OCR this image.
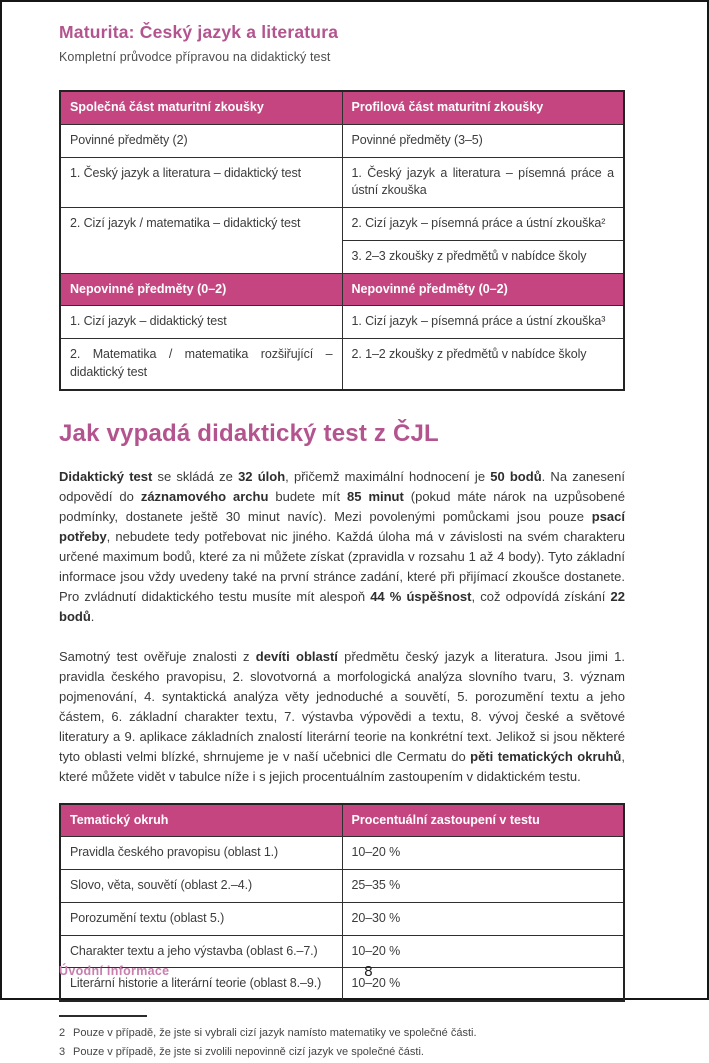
Maturita: Český jazyk a literatura

Kompletní průvodce přípravou na didaktický test

Společná část maturitní zkoušky	Profilová část maturitní zkoušky
Povinné předměty (2)	Povinné předměty (3–5)
1. Český jazyk a literatura – didaktický test	1. Český jazyk a literatura – písemná práce a ústní zkouška
2. Cizí jazyk / matematika – didaktický test	2. Cizí jazyk – písemná práce a ústní zkouška²
	3. 2–3 zkoušky z předmětů v nabídce školy
Nepovinné předměty (0–2)	Nepovinné předměty (0–2)
1. Cizí jazyk – didaktický test	1. Cizí jazyk – písemná práce a ústní zkouška³
2. Matematika / matematika rozšiřující – didaktický test	2. 1–2 zkoušky z předmětů v nabídce školy
Jak vypadá didaktický test z ČJL

Didaktický test se skládá ze 32 úloh, přičemž maximální hodnocení je 50 bodů. Na zanesení odpovědí do záznamového archu budete mít 85 minut (pokud máte nárok na uzpůsobené podmínky, dostanete ještě 30 minut navíc). Mezi povolenými pomůckami jsou pouze psací potřeby, nebudete tedy potřebovat nic jiného. Každá úloha má v závislosti na svém charakteru určené maximum bodů, které za ni můžete získat (zpravidla v rozsahu 1 až 4 body). Tyto základní informace jsou vždy uvedeny také na první stránce zadání, které při přijímací zkoušce dostanete. Pro zvládnutí didaktického testu musíte mít alespoň 44 % úspěšnost, což odpovídá získání 22 bodů.

Samotný test ověřuje znalosti z devíti oblastí předmětu český jazyk a literatura. Jsou jimi 1. pravidla českého pravopisu, 2. slovotvorná a morfologická analýza slovního tvaru, 3. význam pojmenování, 4. syntaktická analýza věty jednoduché a souvětí, 5. porozumění textu a jeho částem, 6. základní charakter textu, 7. výstavba výpovědi a textu, 8. vývoj české a světové literatury a 9. aplikace základních znalostí literární teorie na konkrétní text. Jelikož si jsou některé tyto oblasti velmi blízké, shrnujeme je v naší učebnici dle Cermatu do pěti tematických okruhů, které můžete vidět v tabulce níže i s jejich procentuálním zastoupením v didaktickém testu.

Tematický okruh	Procentuální zastoupení v testu
Pravidla českého pravopisu (oblast 1.)	10–20 %
Slovo, věta, souvětí (oblast 2.–4.)	25–35 %
Porozumění textu (oblast 5.)	20–30 %
Charakter textu a jeho výstavba (oblast 6.–7.)	10–20 %
Literární historie a literární teorie (oblast 8.–9.)	10–20 %
2 Pouze v případě, že jste si vybrali cizí jazyk namísto matematiky ve společné části.
3 Pouze v případě, že jste si zvolili nepovinně cizí jazyk ve společné části.
Úvodní informace	8
